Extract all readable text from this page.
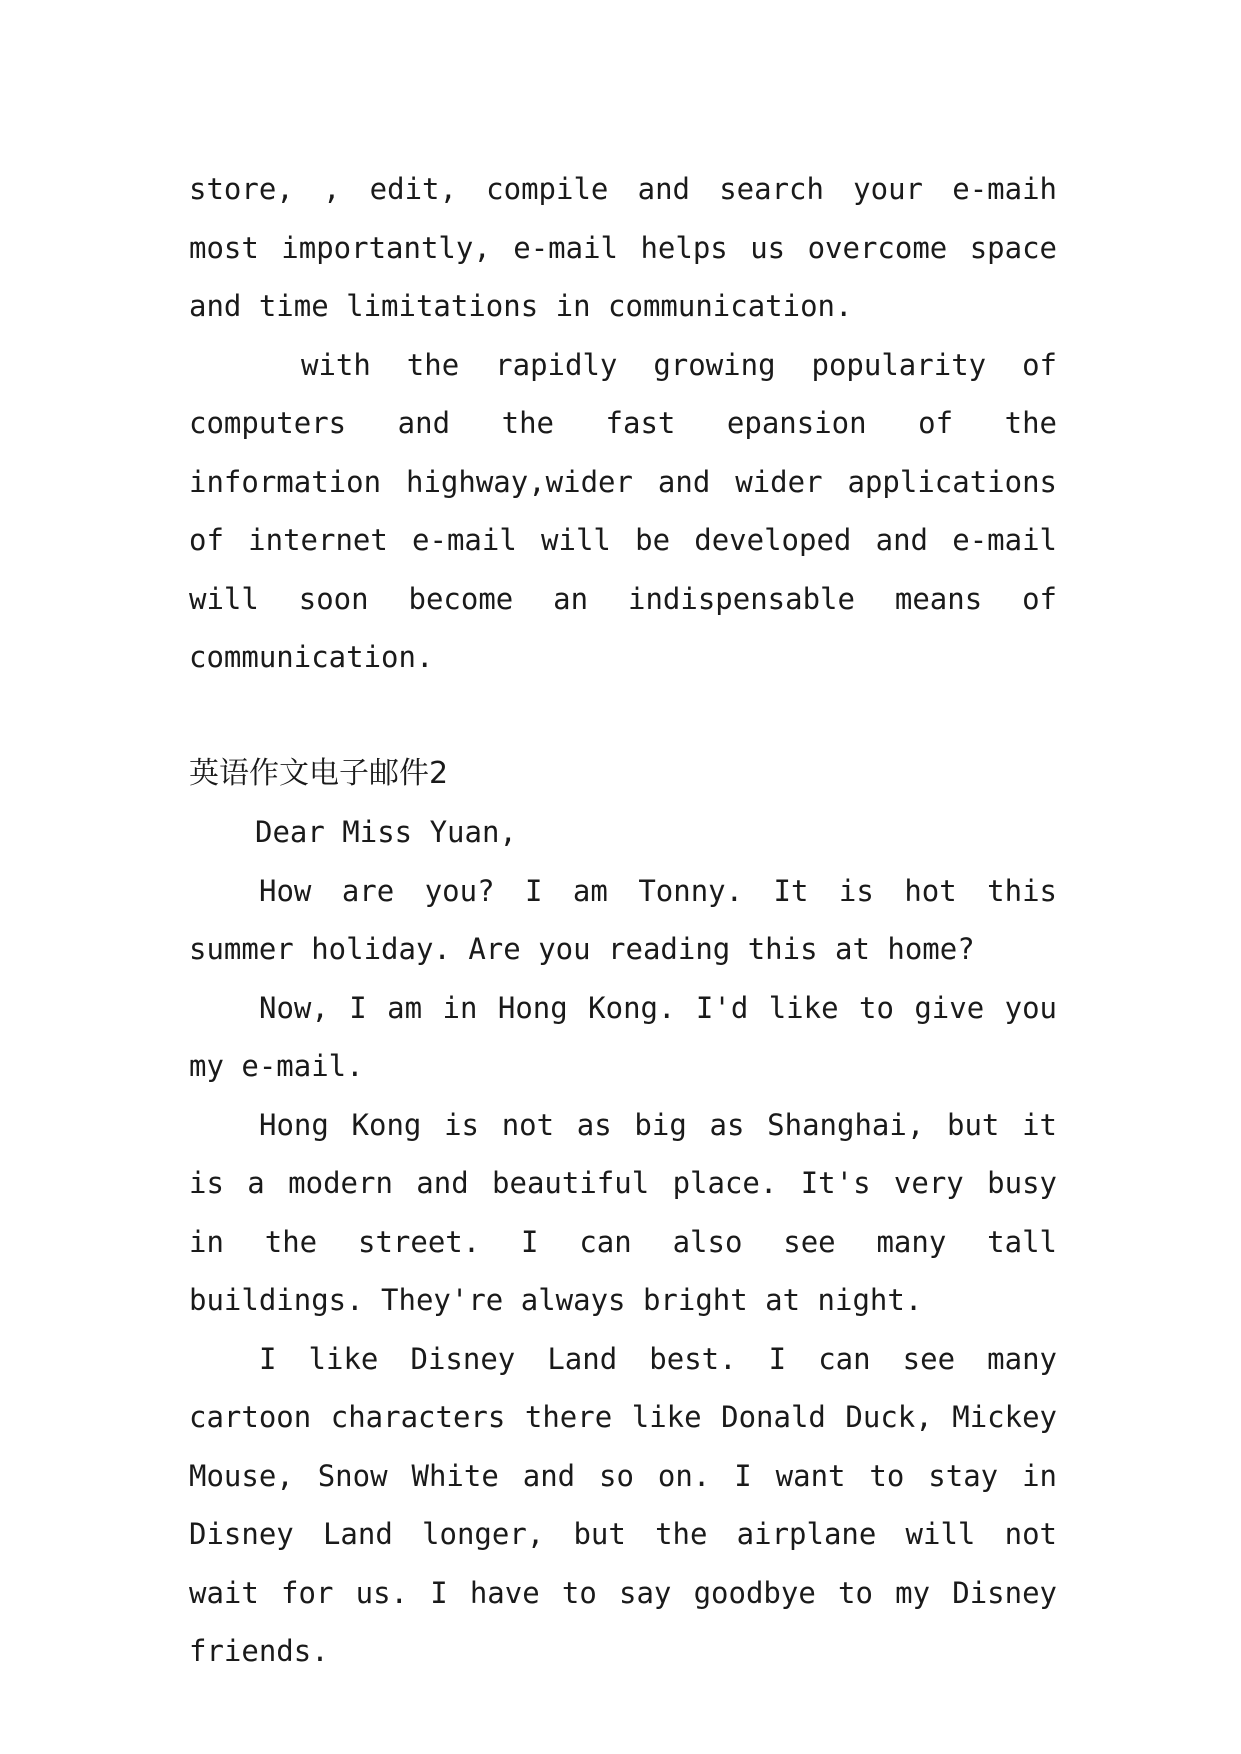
store, , edit, compile and search your e-maih most importantly, e-mail helps us overcome space and time limitations in communication.

with the rapidly growing popularity of computers and the fast epansion of the information highway,wider and wider applications of internet e-mail will be developed and e-mail will soon become an indispensable means of communication.

英语作文电子邮件2

Dear Miss Yuan,

How are you? I am Tonny. It is hot this summer holiday. Are you reading this at home?

Now, I am in Hong Kong. I'd like to give you my e-mail.

Hong Kong is not as big as Shanghai, but it is a modern and beautiful place. It's very busy in the street. I can also see many tall buildings. They're always bright at night.

I like Disney Land best. I can see many cartoon characters there like Donald Duck, Mickey Mouse, Snow White and so on. I want to stay in Disney Land longer, but the airplane will not wait for us. I have to say goodbye to my Disney friends.
